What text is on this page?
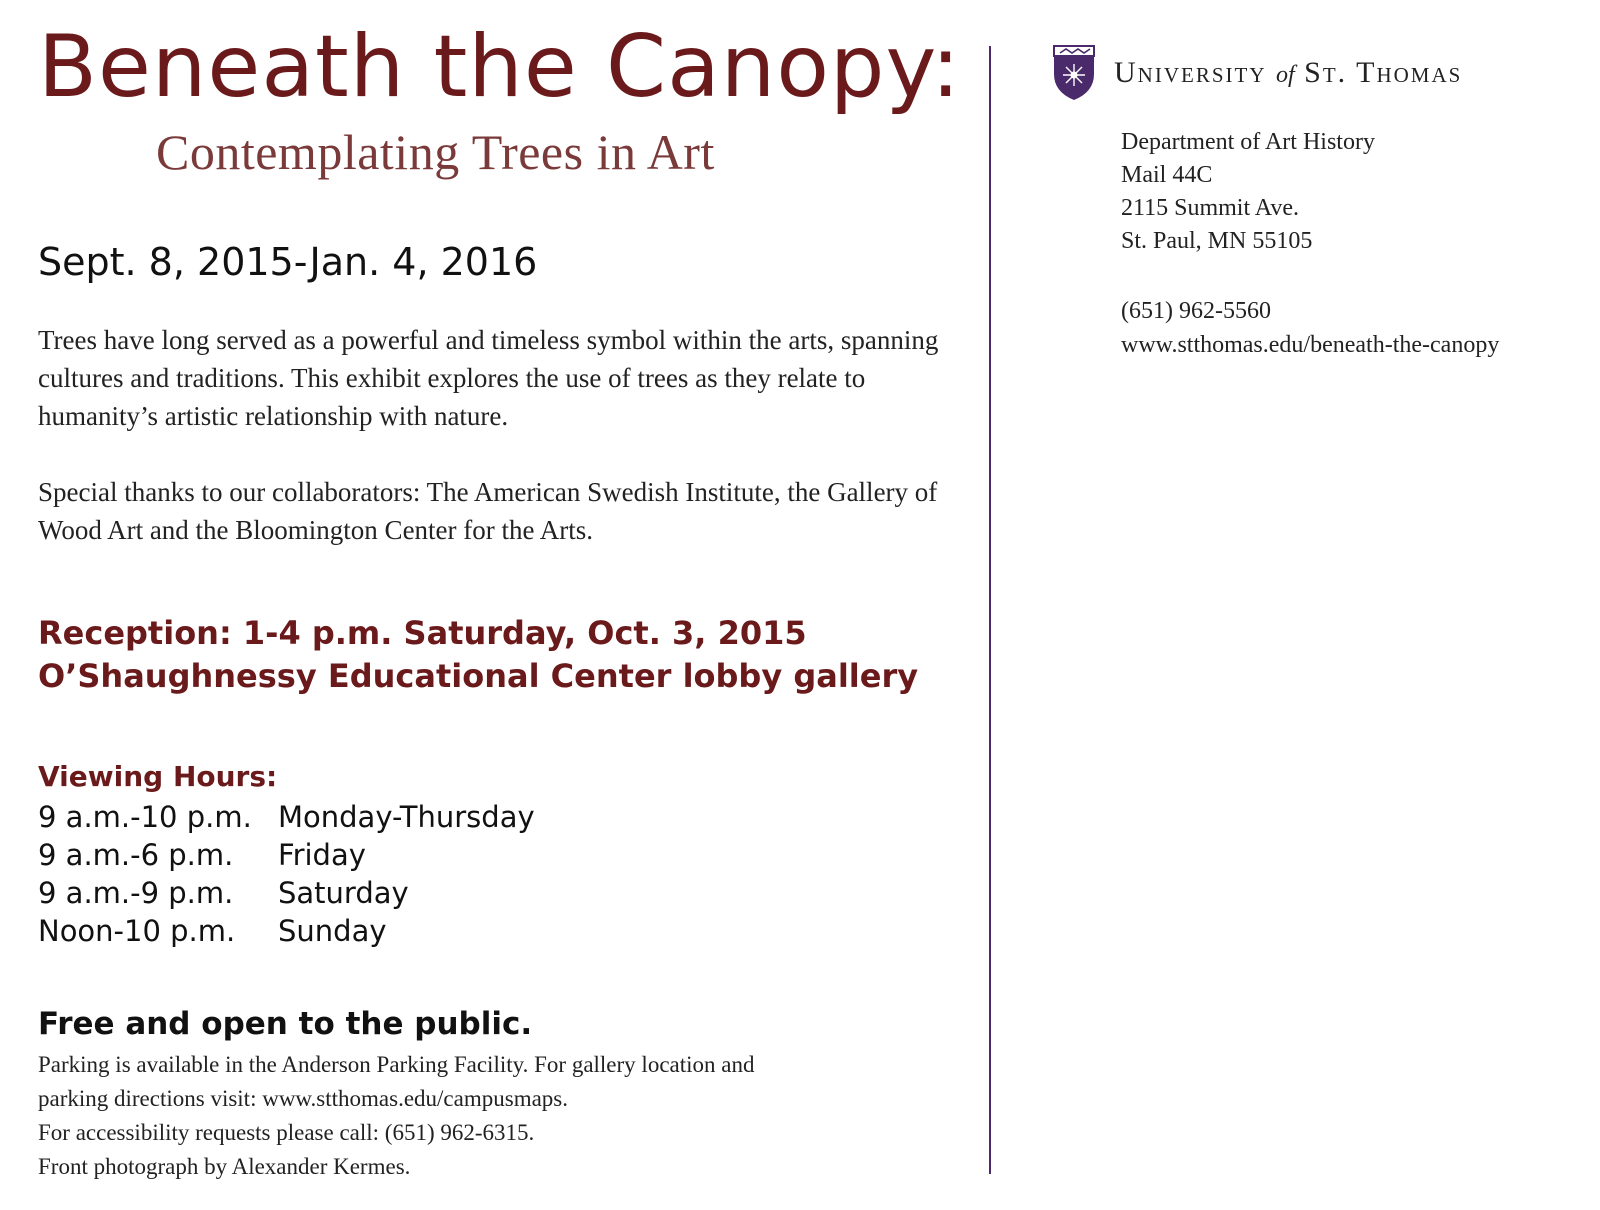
Beneath the Canopy:
Contemplating Trees in Art
Sept. 8, 2015-Jan. 4, 2016

Trees have long served as a powerful and timeless symbol within the arts, spanning cultures and traditions. This exhibit explores the use of trees as they relate to humanity’s artistic relationship with nature.

Special thanks to our collaborators: The American Swedish Institute, the Gallery of Wood Art and the Bloomington Center for the Arts.

Reception: 1-4 p.m. Saturday, Oct. 3, 2015
O’Shaughnessy Educational Center lobby gallery
Viewing Hours:
9 a.m.-10 p.m. Monday-Thursday
9 a.m.-6 p.m.	Friday
9 a.m.-9 p.m.	Saturday
Noon-10 p.m.	Sunday
Free and open to the public.
Parking is available in the Anderson Parking Facility. For gallery location and
parking directions visit: www.stthomas.edu/campusmaps.
For accessibility requests please call: (651) 962-6315.
Front photograph by Alexander Kermes.
University of St. Thomas
Department of Art History
Mail 44C
2115 Summit Ave.
St. Paul, MN 55105
(651) 962-5560
www.stthomas.edu/beneath-the-canopy
